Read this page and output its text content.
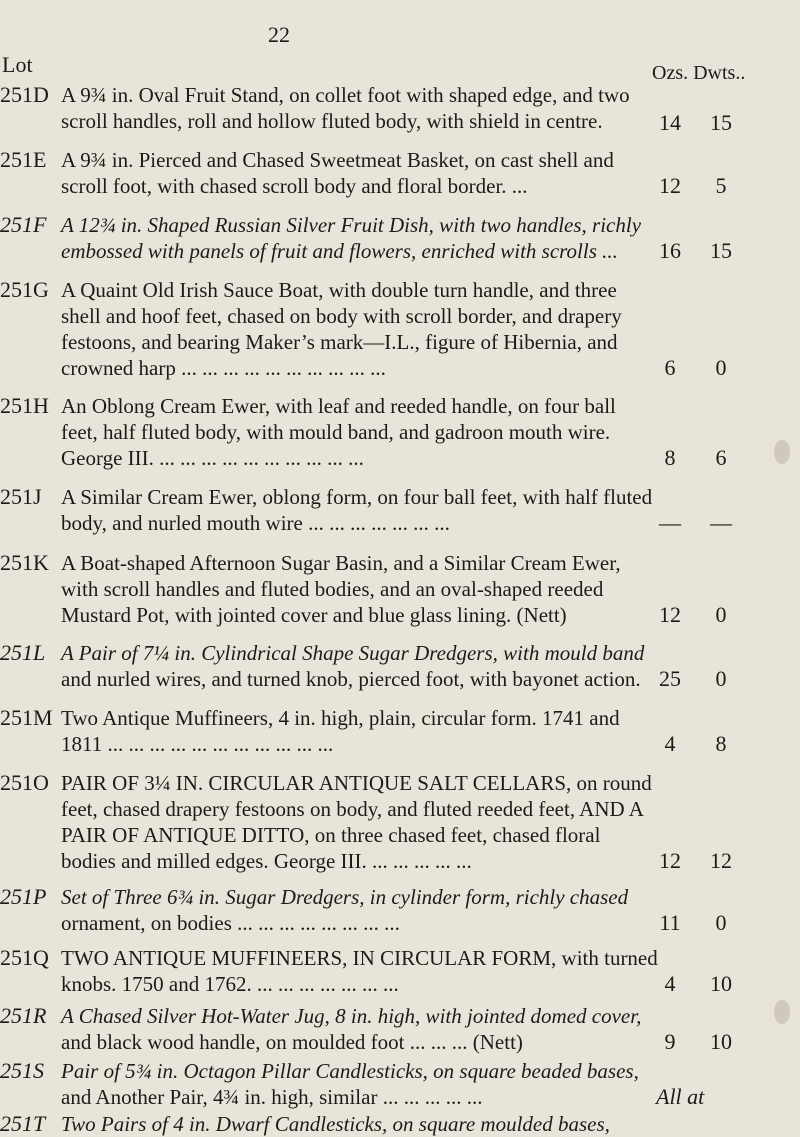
22
Lot	Ozs. Dwts..
251D A 9¾ in. Oval Fruit Stand, on collet foot with shaped edge, and two
scroll handles, roll and hollow fluted body, with shield in centre.	14 15
251E A 9¾ in. Pierced and Chased Sweetmeat Basket, on cast shell and
scroll foot, with chased scroll body and floral border. ...	12	5
251F A 12¾ in. Shaped Russian Silver Fruit Dish, with two handles, richly
embossed with panels of fruit and flowers, enriched with scrolls ...	16 15
251G A Quaint Old Irish Sauce Boat, with double turn handle, and three
shell and hoof feet, chased on body with scroll border, and drapery
festoons, and bearing Maker’s mark—I.L., figure of Hibernia, and
crowned harp ... ... ... ... ... ... ... ... ... ...	6	0
251H An Oblong Cream Ewer, with leaf and reeded handle, on four ball
feet, half fluted body, with mould band, and gadroon mouth wire.
George III. ... ... ... ... ... ... ... ... ... ...	8	6
251J A Similar Cream Ewer, oblong form, on four ball feet, with half fluted
body, and nurled mouth wire ... ... ... ... ... ... ...	— —
251K A Boat-shaped Afternoon Sugar Basin, and a Similar Cream Ewer,
with scroll handles and fluted bodies, and an oval-shaped reeded
Mustard Pot, with jointed cover and blue glass lining. (Nett)	12	0
251L A Pair of 7¼ in. Cylindrical Shape Sugar Dredgers, with mould band
and nurled wires, and turned knob, pierced foot, with bayonet action. 25	0
251M Two Antique Muffineers, 4 in. high, plain, circular form. 1741 and
1811 ... ... ... ... ... ... ... ... ... ... ...	4	8
251O PAIR OF 3¼ IN. CIRCULAR ANTIQUE SALT CELLARS, on round
feet, chased drapery festoons on body, and fluted reeded feet, AND A
PAIR OF ANTIQUE DITTO, on three chased feet, chased floral
bodies and milled edges. George III. ... ... ... ... ...	12 12
251P Set of Three 6¾ in. Sugar Dredgers, in cylinder form, richly chased
ornament, on bodies ... ... ... ... ... ... ... ...	11	0
251Q TWO ANTIQUE MUFFINEERS, IN CIRCULAR FORM, with turned
knobs. 1750 and 1762. ... ... ... ... ... ... ...	4	10
251R A Chased Silver Hot-Water Jug, 8 in. high, with jointed domed cover,
and black wood handle, on moulded foot ... ... ... (Nett)	9	10
251S Pair of 5¾ in. Octagon Pillar Candlesticks, on square beaded bases,
and Another Pair, 4¾ in. high, similar ... ... ... ... ...	All at
251T Two Pairs of 4 in. Dwarf Candlesticks, on square moulded bases,
